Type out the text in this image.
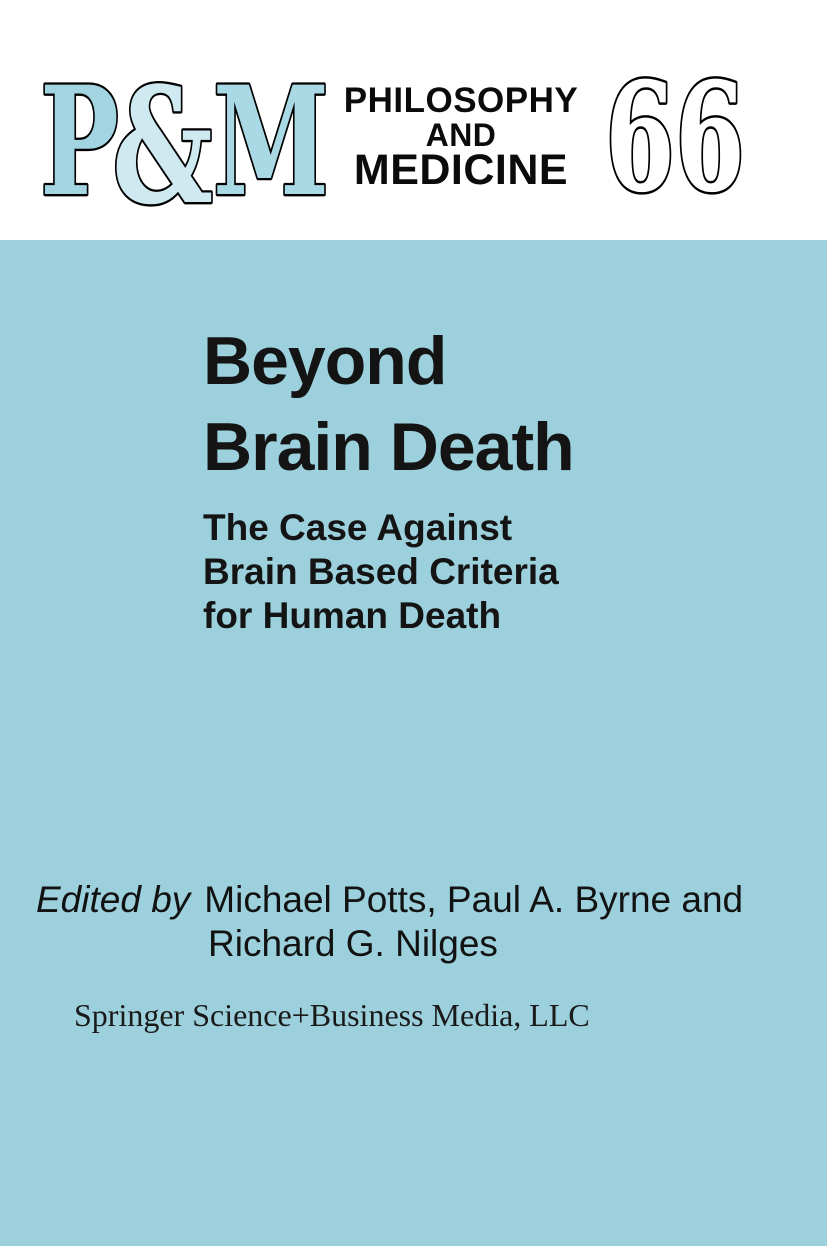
P
& M PHILOSOPHY
AND
MEDICINE 66
Beyond
Brain Death
The Case Against
Brain Based Criteria
for Human Death
Edited by Michael Potts, Paul A. Byrne and
Richard G. Nilges
Springer Science+Business Media, LLC
